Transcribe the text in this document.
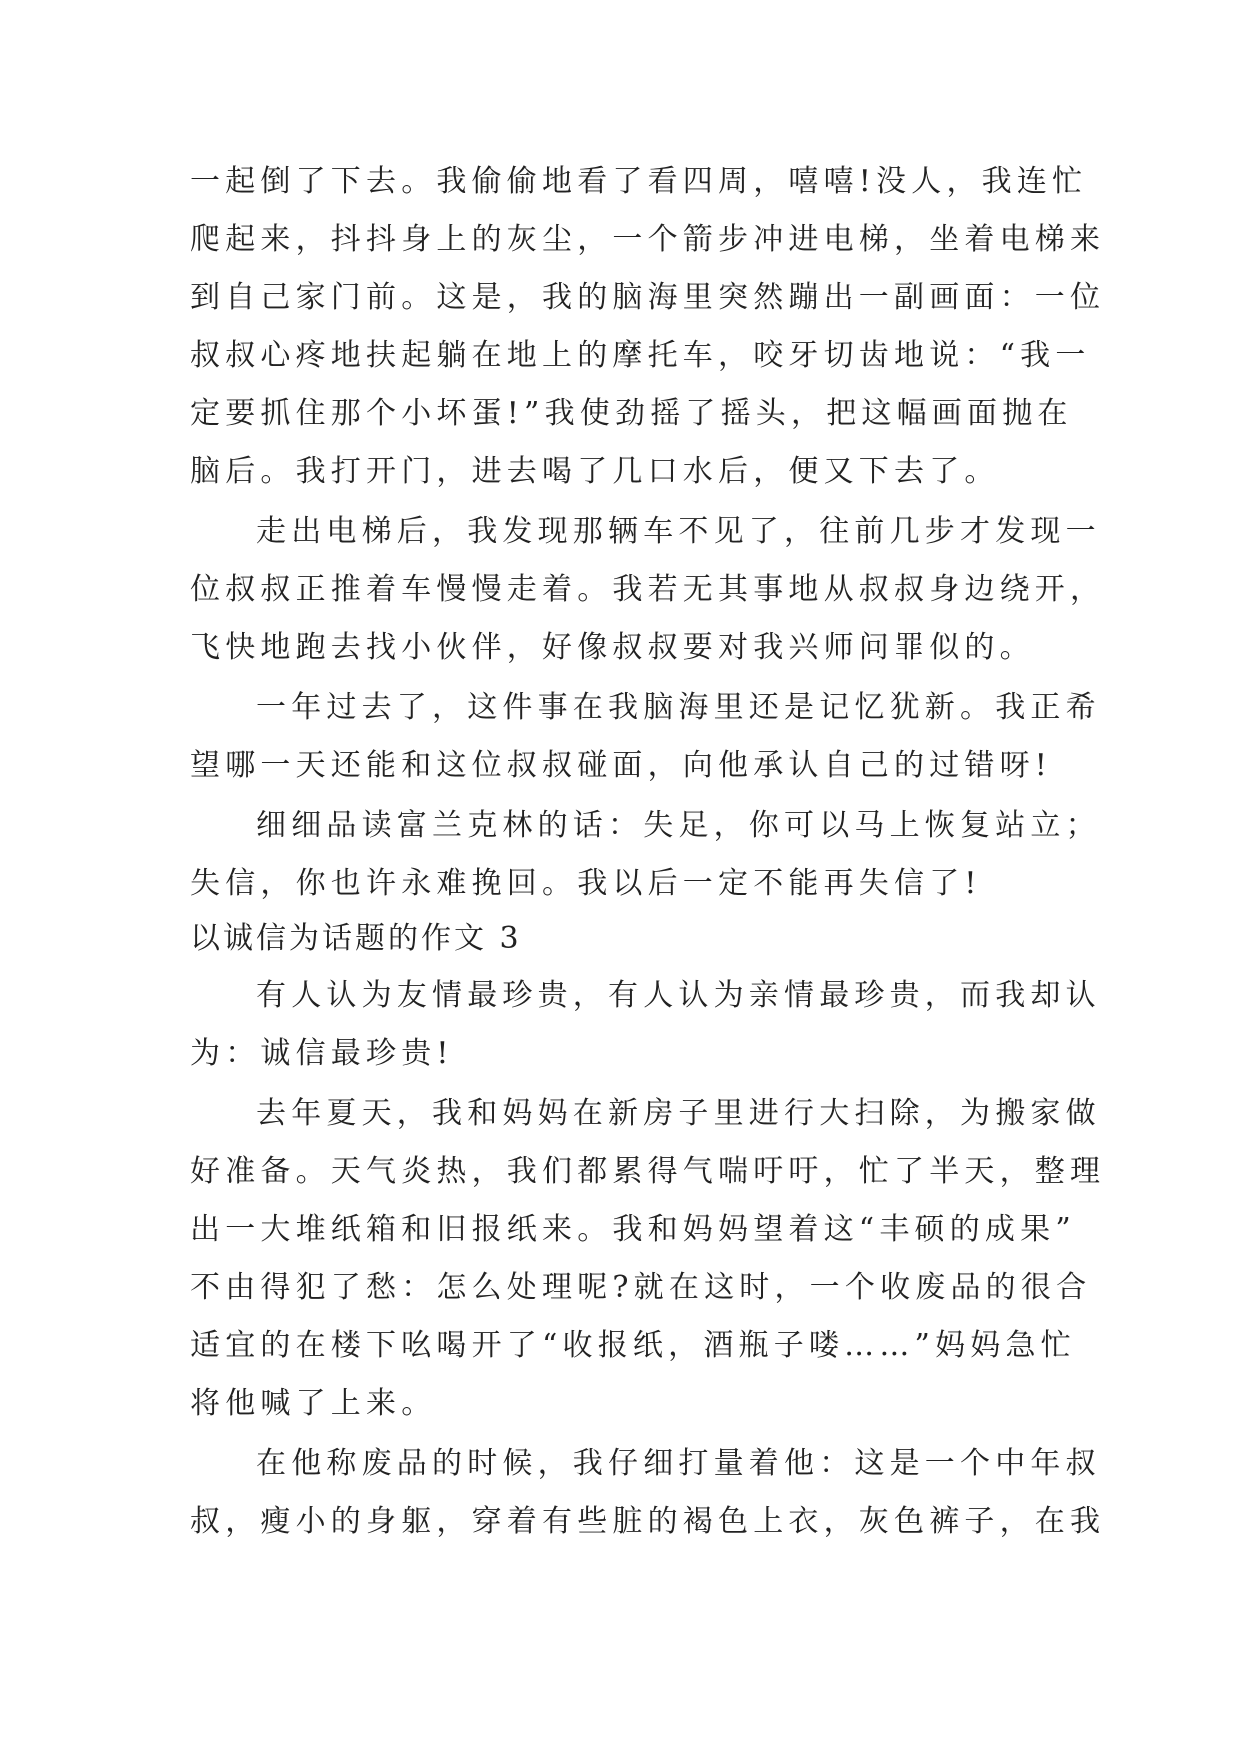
一起倒了下去。我偷偷地看了看四周，嘻嘻!没人，我连忙
爬起来，抖抖身上的灰尘，一个箭步冲进电梯，坐着电梯来
到自己家门前。这是，我的脑海里突然蹦出一副画面：一位
叔叔心疼地扶起躺在地上的摩托车，咬牙切齿地说：“我一
定要抓住那个小坏蛋!”我使劲摇了摇头，把这幅画面抛在
脑后。我打开门，进去喝了几口水后，便又下去了。
走出电梯后，我发现那辆车不见了，往前几步才发现一
位叔叔正推着车慢慢走着。我若无其事地从叔叔身边绕开，
飞快地跑去找小伙伴，好像叔叔要对我兴师问罪似的。
一年过去了，这件事在我脑海里还是记忆犹新。我正希
望哪一天还能和这位叔叔碰面，向他承认自己的过错呀!
细细品读富兰克林的话：失足，你可以马上恢复站立；
失信，你也许永难挽回。我以后一定不能再失信了!
以诚信为话题的作文 3
有人认为友情最珍贵，有人认为亲情最珍贵，而我却认
为：诚信最珍贵!
去年夏天，我和妈妈在新房子里进行大扫除，为搬家做
好准备。天气炎热，我们都累得气喘吁吁，忙了半天，整理
出一大堆纸箱和旧报纸来。我和妈妈望着这“丰硕的成果”
不由得犯了愁：怎么处理呢?就在这时，一个收废品的很合
适宜的在楼下吆喝开了“收报纸，酒瓶子喽……”妈妈急忙
将他喊了上来。
在他称废品的时候，我仔细打量着他：这是一个中年叔
叔，瘦小的身躯，穿着有些脏的褐色上衣，灰色裤子，在我
